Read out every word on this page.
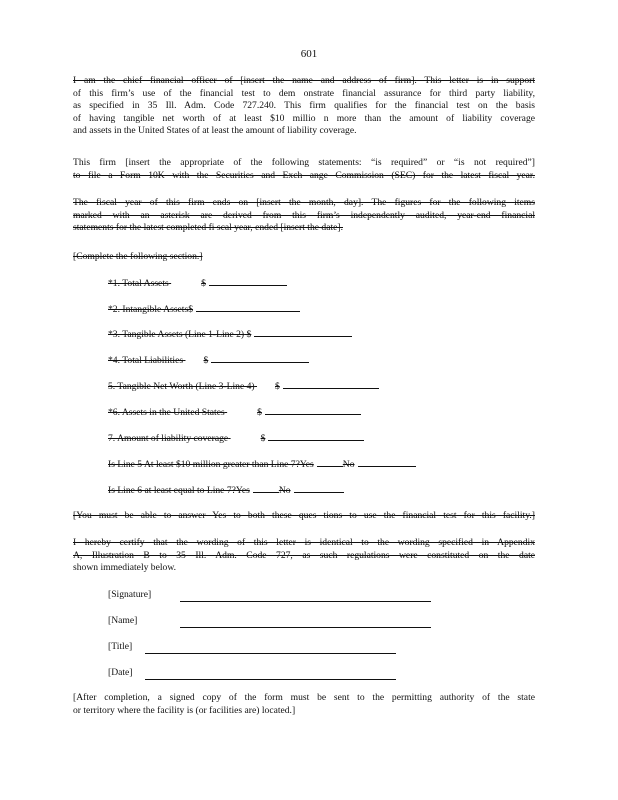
601
I am the chief financial officer of [insert the name and address of firm]. This letter is in support
of this firm’s use of the financial test to dem onstrate financial assurance for third party liability,
as specified in 35 Ill. Adm. Code 727.240. This firm qualifies for the financial test on the basis
of having tangible net worth of at least $10 millio n more than the amount of liability coverage
and assets in the United States of at least the amount of liability coverage.
This firm [insert the appropriate of the following statements: “is required” or “is not required”]
to file a Form 10K with the Securities and Exch ange Commission (SEC) for the latest fiscal year.
The fiscal year of this firm ends on [insert the month, day]. The figures for the following items
marked with an asterisk are derived from this firm’s independently audited, year-end financial
statements for the latest completed fi scal year, ended [insert the date].
[Complete the following section.]
*1. Total Assets	$
*2. Intangible Assets$
*3. Tangible Assets (Line 1-Line 2) $
*4. Total Liabilities $
5. Tangible Net Worth (Line 3-Line 4) $
*6. Assets in the United States	$
7. Amount of liability coverage	$
Is Line 5 At least $10 million greater than Line 7?Yes	No
Is Line 6 at least equal to Line 7?Yes	No
[You must be able to answer Yes to both these ques tions to use the financial test for this facility.]
I hereby certify that the wording of this letter is identical to the wording specified in Appendix
A, Illustration B to 35 Ill. Adm. Code 727, as such regulations were constituted on the date
shown immediately below.
[Signature]
[Name]
[Title]
[Date]
[After completion, a signed copy of the form must be sent to the permitting authority of the state
or territory where the facility is (or facilities are) located.]
